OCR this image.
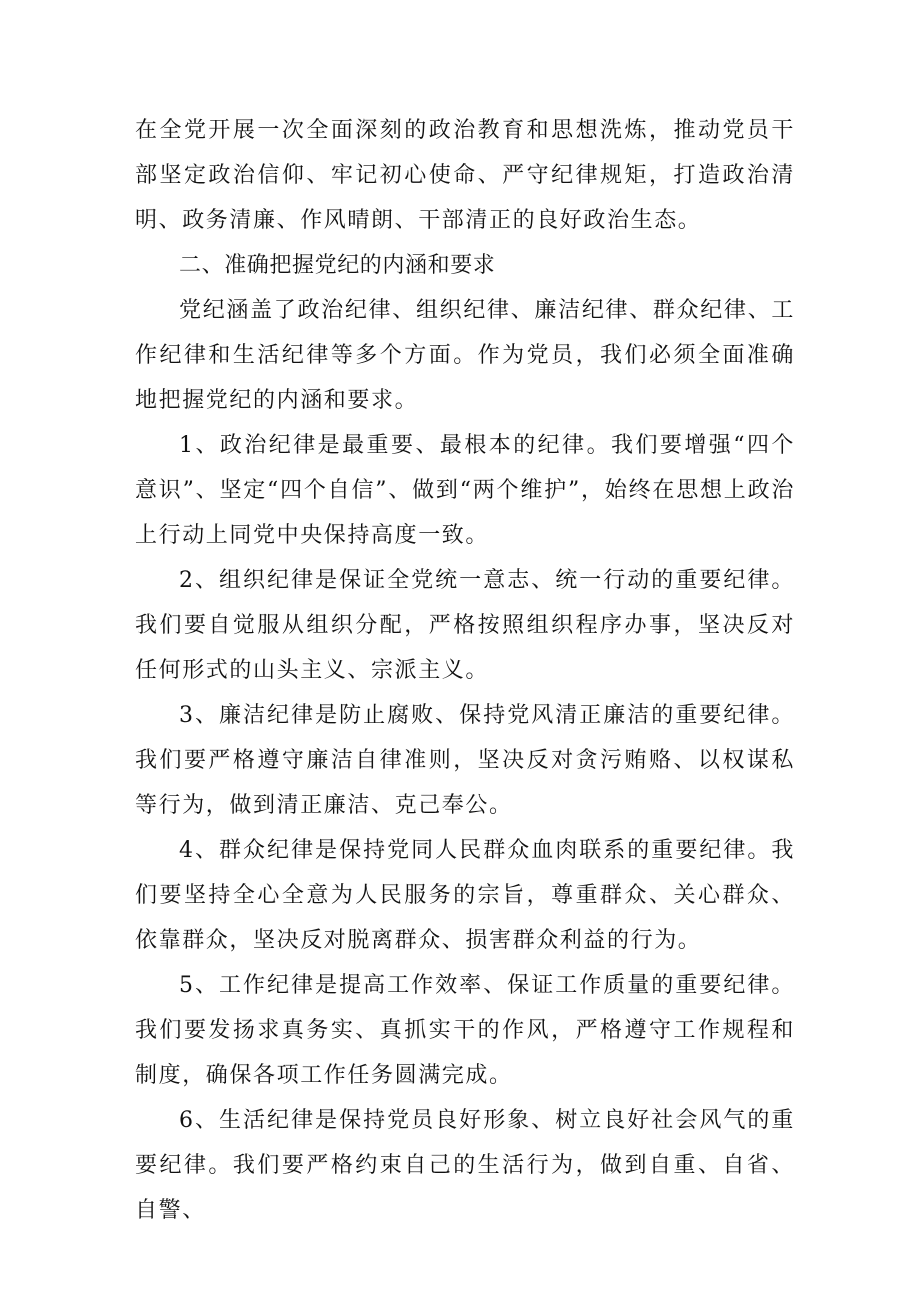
在全党开展一次全面深刻的政治教育和思想洗炼，推动党员干部坚定政治信仰、牢记初心使命、严守纪律规矩，打造政治清明、政务清廉、作风晴朗、干部清正的良好政治生态。

二、准确把握党纪的内涵和要求

党纪涵盖了政治纪律、组织纪律、廉洁纪律、群众纪律、工作纪律和生活纪律等多个方面。作为党员，我们必须全面准确地把握党纪的内涵和要求。

1、政治纪律是最重要、最根本的纪律。我们要增强“四个意识”、坚定“四个自信”、做到“两个维护”，始终在思想上政治上行动上同党中央保持高度一致。

2、组织纪律是保证全党统一意志、统一行动的重要纪律。我们要自觉服从组织分配，严格按照组织程序办事，坚决反对任何形式的山头主义、宗派主义。

3、廉洁纪律是防止腐败、保持党风清正廉洁的重要纪律。我们要严格遵守廉洁自律准则，坚决反对贪污贿赂、以权谋私等行为，做到清正廉洁、克己奉公。

4、群众纪律是保持党同人民群众血肉联系的重要纪律。我们要坚持全心全意为人民服务的宗旨，尊重群众、关心群众、依靠群众，坚决反对脱离群众、损害群众利益的行为。

5、工作纪律是提高工作效率、保证工作质量的重要纪律。我们要发扬求真务实、真抓实干的作风，严格遵守工作规程和制度，确保各项工作任务圆满完成。

6、生活纪律是保持党员良好形象、树立良好社会风气的重要纪律。我们要严格约束自己的生活行为，做到自重、自省、自警、
